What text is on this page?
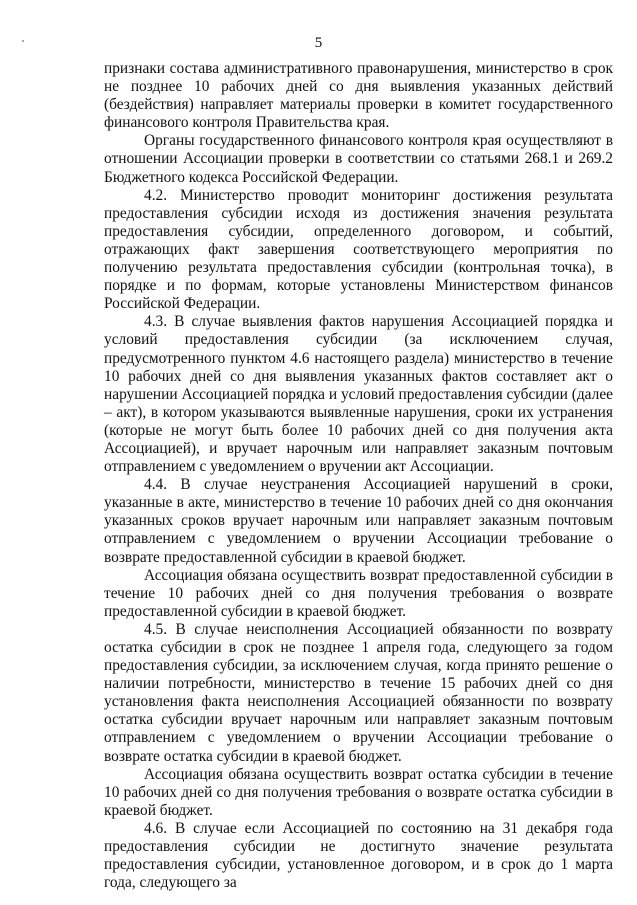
5

признаки состава административного правонарушения, министерство в срок не позднее 10 рабочих дней со дня выявления указанных действий (бездействия) направляет материалы проверки в комитет государственного финансового контроля Правительства края.

Органы государственного финансового контроля края осуществляют в отношении Ассоциации проверки в соответствии со статьями 268.1 и 269.2 Бюджетного кодекса Российской Федерации.

4.2. Министерство проводит мониторинг достижения результата предоставления субсидии исходя из достижения значения результата предоставления субсидии, определенного договором, и событий, отражающих факт завершения соответствующего мероприятия по получению результата предоставления субсидии (контрольная точка), в порядке и по формам, которые установлены Министерством финансов Российской Федерации.

4.3. В случае выявления фактов нарушения Ассоциацией порядка и условий предоставления субсидии (за исключением случая, предусмотренного пунктом 4.6 настоящего раздела) министерство в течение 10 рабочих дней со дня выявления указанных фактов составляет акт о нарушении Ассоциацией порядка и условий предоставления субсидии (далее – акт), в котором указываются выявленные нарушения, сроки их устранения (которые не могут быть более 10 рабочих дней со дня получения акта Ассоциацией), и вручает нарочным или направляет заказным почтовым отправлением с уведомлением о вручении акт Ассоциации.

4.4. В случае неустранения Ассоциацией нарушений в сроки, указанные в акте, министерство в течение 10 рабочих дней со дня окончания указанных сроков вручает нарочным или направляет заказным почтовым отправлением с уведомлением о вручении Ассоциации требование о возврате предоставленной субсидии в краевой бюджет.

Ассоциация обязана осуществить возврат предоставленной субсидии в течение 10 рабочих дней со дня получения требования о возврате предоставленной субсидии в краевой бюджет.

4.5. В случае неисполнения Ассоциацией обязанности по возврату остатка субсидии в срок не позднее 1 апреля года, следующего за годом предоставления субсидии, за исключением случая, когда принято решение о наличии потребности, министерство в течение 15 рабочих дней со дня установления факта неисполнения Ассоциацией обязанности по возврату остатка субсидии вручает нарочным или направляет заказным почтовым отправлением с уведомлением о вручении Ассоциации требование о возврате остатка субсидии в краевой бюджет.

Ассоциация обязана осуществить возврат остатка субсидии в течение 10 рабочих дней со дня получения требования о возврате остатка субсидии в краевой бюджет.

4.6. В случае если Ассоциацией по состоянию на 31 декабря года предоставления субсидии не достигнуто значение результата предоставления субсидии, установленное договором, и в срок до 1 марта года, следующего за
